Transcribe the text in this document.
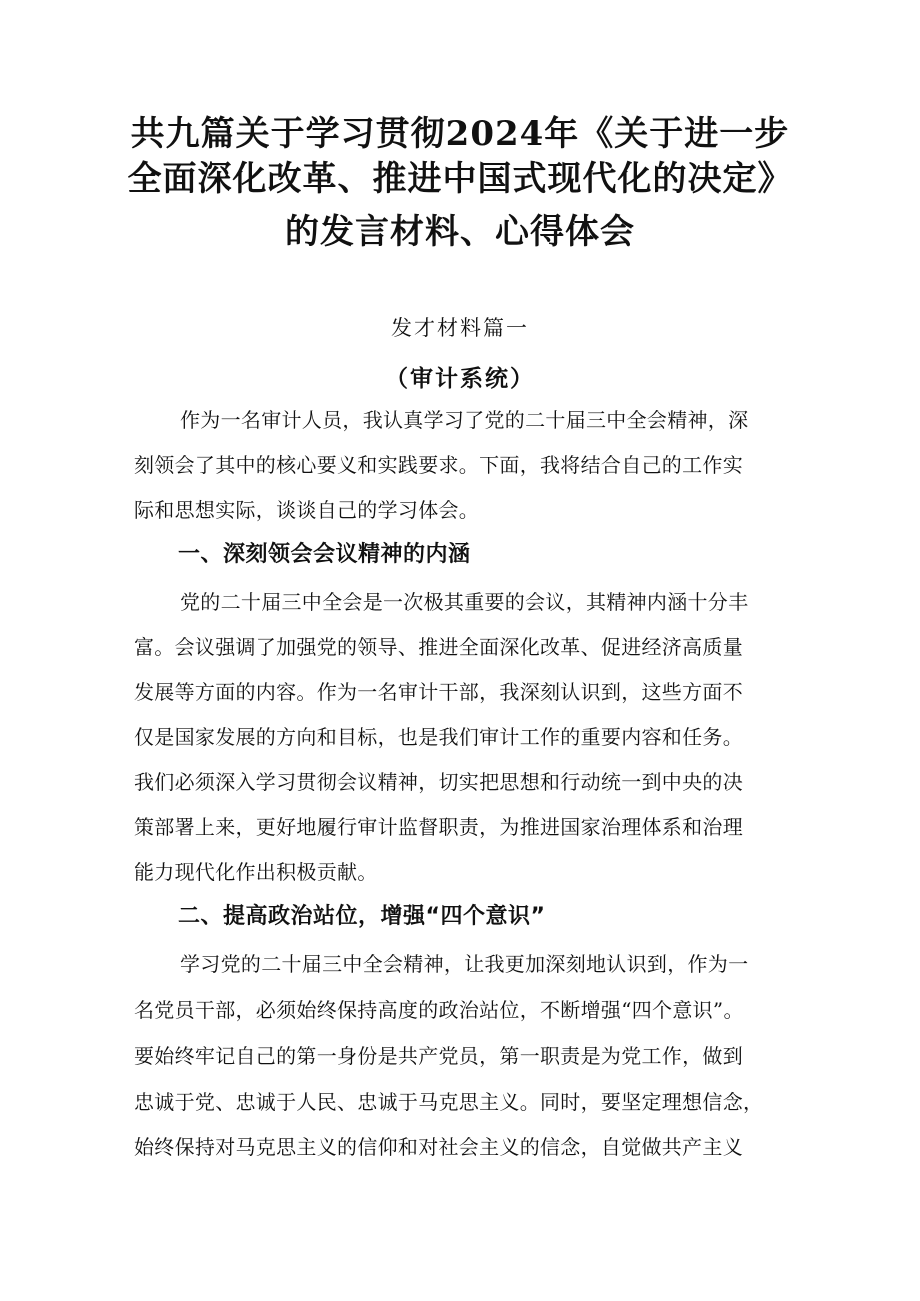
共九篇关于学习贯彻2024年《关于进一步
全面深化改革、推进中国式现代化的决定》
的发言材料、心得体会

发才材料篇一

（审计系统）

作为一名审计人员，我认真学习了党的二十届三中全会精神，深

刻领会了其中的核心要义和实践要求。下面，我将结合自己的工作实

际和思想实际，谈谈自己的学习体会。

一、深刻领会会议精神的内涵

党的二十届三中全会是一次极其重要的会议，其精神内涵十分丰

富。会议强调了加强党的领导、推进全面深化改革、促进经济高质量

发展等方面的内容。作为一名审计干部，我深刻认识到，这些方面不

仅是国家发展的方向和目标，也是我们审计工作的重要内容和任务。

我们必须深入学习贯彻会议精神，切实把思想和行动统一到中央的决

策部署上来，更好地履行审计监督职责，为推进国家治理体系和治理

能力现代化作出积极贡献。

二、提高政治站位，增强“四个意识”

学习党的二十届三中全会精神，让我更加深刻地认识到，作为一

名党员干部，必须始终保持高度的政治站位，不断增强“四个意识”。

要始终牢记自己的第一身份是共产党员，第一职责是为党工作，做到

忠诚于党、忠诚于人民、忠诚于马克思主义。同时，要坚定理想信念，

始终保持对马克思主义的信仰和对社会主义的信念，自觉做共产主义
